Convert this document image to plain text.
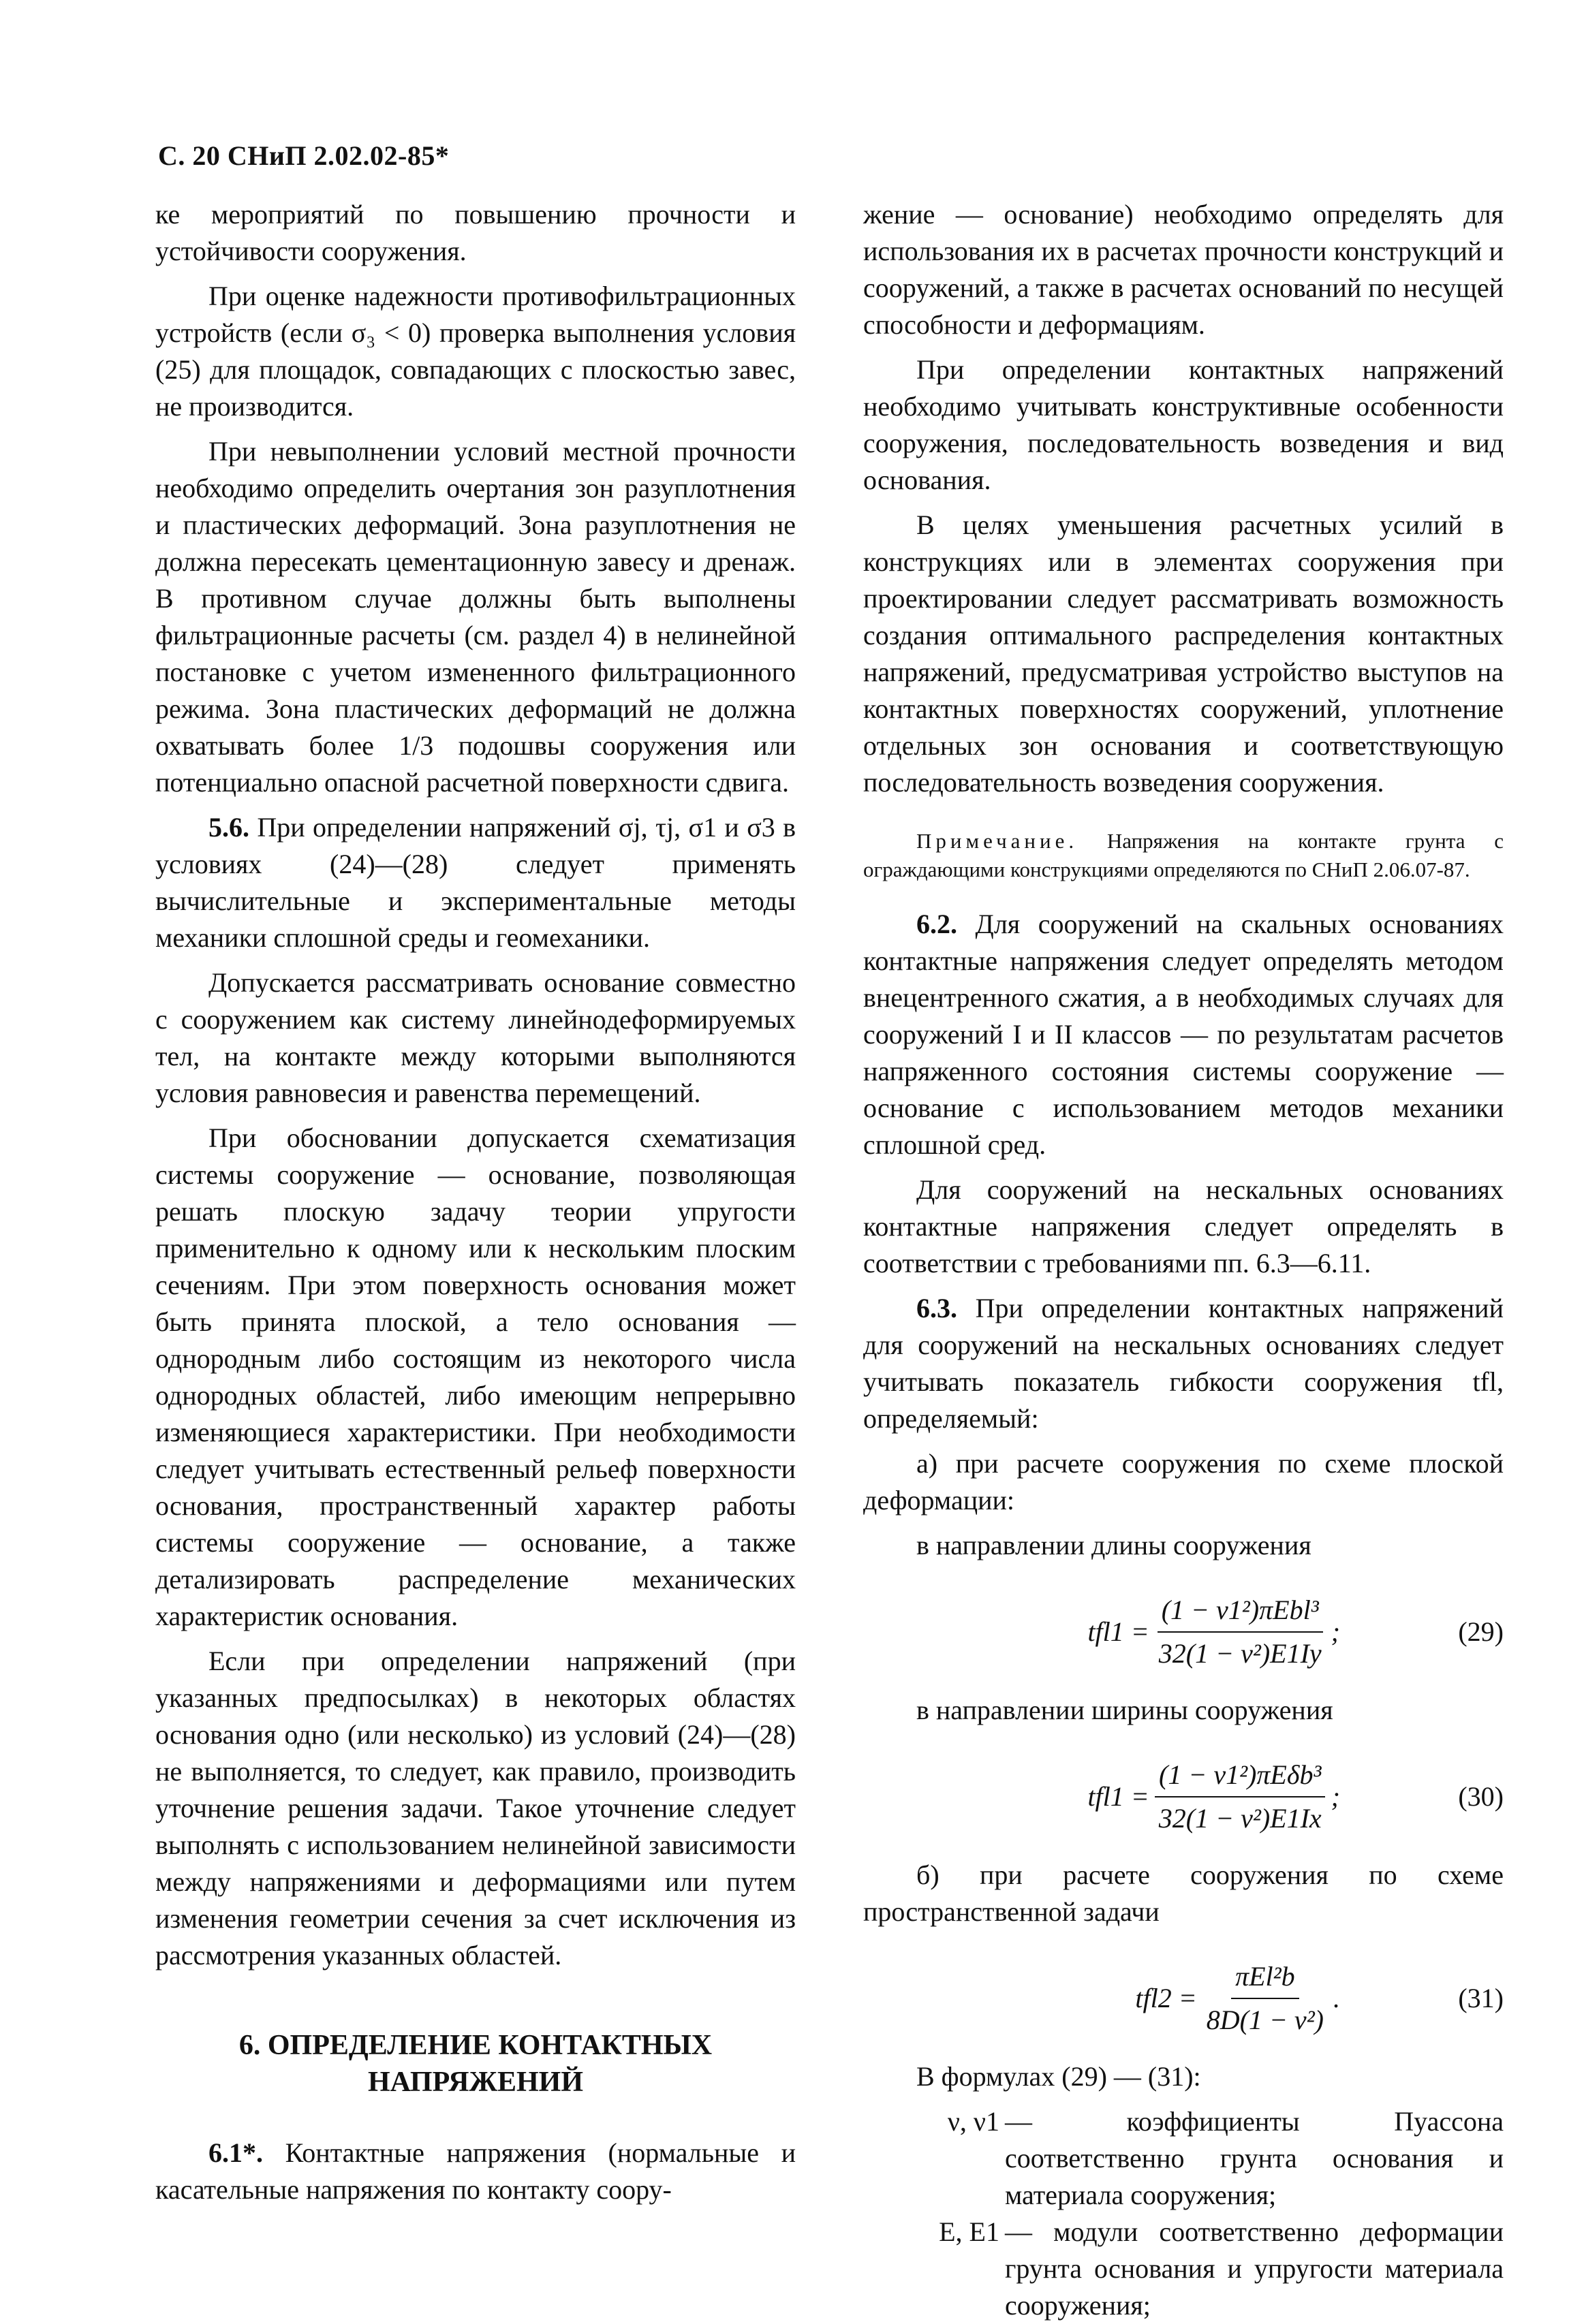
С. 20 СНиП 2.02.02-85*

ке мероприятий по повышению прочности и устойчивости сооружения.

При оценке надежности противофильтрационных устройств (если σ₃ < 0) проверка выполнения условия (25) для площадок, совпадающих с плоскостью завес, не производится.

При невыполнении условий местной прочности необходимо определить очертания зон разуплотнения и пластических деформаций. Зона разуплотнения не должна пересекать цементационную завесу и дренаж. В противном случае должны быть выполнены фильтрационные расчеты (см. раздел 4) в нелинейной постановке с учетом измененного фильтрационного режима. Зона пластических деформаций не должна охватывать более 1/3 подошвы сооружения или потенциально опасной расчетной поверхности сдвига.

5.6. При определении напряжений σj, τj, σ1 и σ3 в условиях (24)—(28) следует применять вычислительные и экспериментальные методы механики сплошной среды и геомеханики.

Допускается рассматривать основание совместно с сооружением как систему линейнодеформируемых тел, на контакте между которыми выполняются условия равновесия и равенства перемещений.

При обосновании допускается схематизация системы сооружение — основание, позволяющая решать плоскую задачу теории упругости применительно к одному или к нескольким плоским сечениям. При этом поверхность основания может быть принята плоской, а тело основания — однородным либо состоящим из некоторого числа однородных областей, либо имеющим непрерывно изменяющиеся характеристики. При необходимости следует учитывать естественный рельеф поверхности основания, пространственный характер работы системы сооружение — основание, а также детализировать распределение механических характеристик основания.

Если при определении напряжений (при указанных предпосылках) в некоторых областях основания одно (или несколько) из условий (24)—(28) не выполняется, то следует, как правило, производить уточнение решения задачи. Такое уточнение следует выполнять с использованием нелинейной зависимости между напряжениями и деформациями или путем изменения геометрии сечения за счет исключения из рассмотрения указанных областей.

6. ОПРЕДЕЛЕНИЕ КОНТАКТНЫХ
НАПРЯЖЕНИЙ

6.1*. Контактные напряжения (нормальные и касательные напряжения по контакту соору-

жение — основание) необходимо определять для использования их в расчетах прочности конструкций и сооружений, а также в расчетах оснований по несущей способности и деформациям.

При определении контактных напряжений необходимо учитывать конструктивные особенности сооружения, последовательность возведения и вид основания.

В целях уменьшения расчетных усилий в конструкциях или в элементах сооружения при проектировании следует рассматривать возможность создания оптимального распределения контактных напряжений, предусматривая устройство выступов на контактных поверхностях сооружений, уплотнение отдельных зон основания и соответствующую последовательность возведения сооружения.

Примечание. Напряжения на контакте грунта с ограждающими конструкциями определяются по СНиП 2.06.07-87.

6.2. Для сооружений на скальных основаниях контактные напряжения следует определять методом внецентренного сжатия, а в необходимых случаях для сооружений I и II классов — по результатам расчетов напряженного состояния системы сооружение — основание с использованием методов механики сплошной сред.

Для сооружений на нескальных основаниях контактные напряжения следует определять в соответствии с требованиями пп. 6.3—6.11.

6.3. При определении контактных напряжений для сооружений на нескальных основаниях следует учитывать показатель гибкости сооружения tfl, определяемый:

а) при расчете сооружения по схеме плоской деформации:

в направлении длины сооружения

$tfl1 = \frac{\text{(1 − ν1²)πEbl³}}{\text{32(1 − ν²)E1Iy}}$ ;	(29)

в направлении ширины сооружения

$tfl1 = \frac{\text{(1 − ν1²)πEδb³}}{\text{32(1 − ν²)E1Ix}}$ ;	(30)

б) при расчете сооружения по схеме пространственной задачи

$tfl2 = \frac{\text{πEl²b}}{\text{8D(1 − ν²)}}$ .	(31)

В формулах (29) — (31):

ν, ν1 — коэффициенты Пуассона соответственно грунта основания и материала сооружения;
E, E1 — модули соответственно деформации грунта основания и упругости материала сооружения;
